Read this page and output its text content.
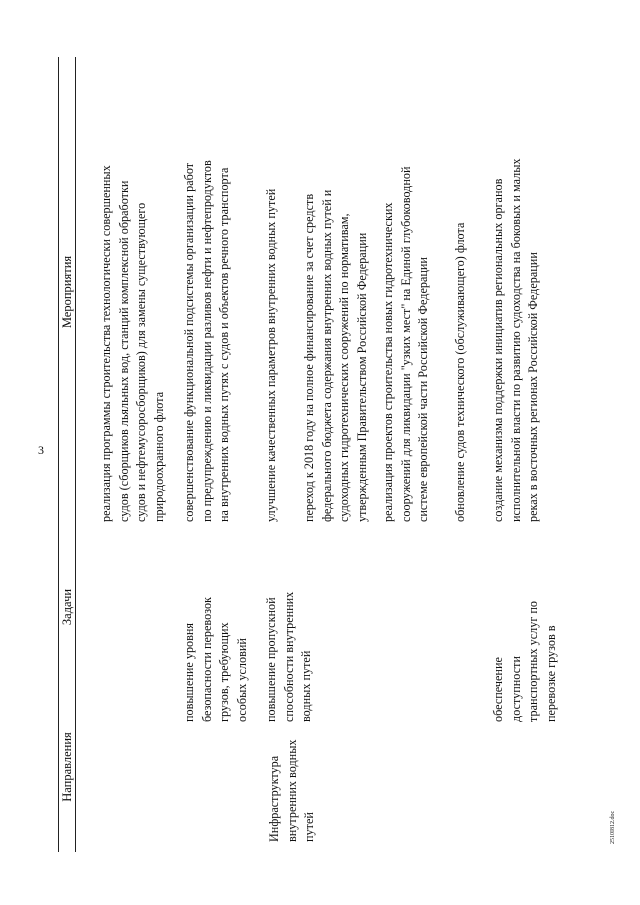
3
2510I812.doc
Направления
Задачи
Мероприятия
Инфраструктура внутренних водных путей
повышение уровня безопасности перевозок грузов, требующих особых условий повышение пропускной способности внутренних водных путей	обеспечение доступности транспортных услуг по перевозке грузов в
реализация программы строительства технологически совершенных судов (сборщиков льяльных вод, станций комплексной обработки судов и нефтемусоросборщиков) для замены существующего природоохранного флота совершенствование функциональной подсистемы организации работ по предупреждению и ликвидации разливов нефти и нефтепродуктов на внутренних водных путях с судов и объектов речного транспорта	улучшение качественных параметров внутренних водных путей переход к 2018 году на полное финансирование за счет средств федерального бюджета содержания внутренних водных путей и судоходных гидротехнических сооружений по нормативам, утвержденным Правительством Российской Федерации реализация проектов строительства новых гидротехнических сооружений для ликвидации "узких мест" на Единой глубоководной системе европейской части Российской Федерации обновление судов технического (обслуживающего) флота создание механизма поддержки инициатив региональных органов исполнительной власти по развитию судоходства на боковых и малых реках в восточных регионах Российской Федерации
